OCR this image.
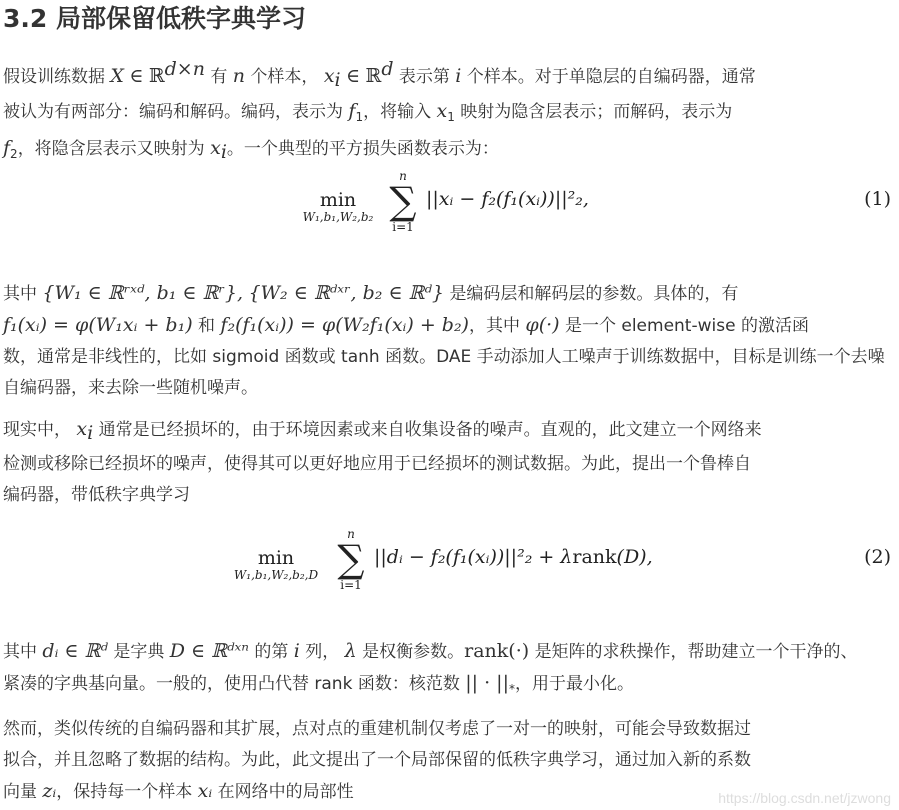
3.2 局部保留低秩字典学习

假设训练数据 X ∈ ℝ$^{d\times n}$ 有 n 个样本， $x_i$ ∈ ℝ$^d$ 表示第 i 个样本。对于单隐层的自编码器，通常
被认为有两部分：编码和解码。编码，表示为 $f_1$，将输入 $x_1$ 映射为隐含层表示；而解码，表示为
$f_2$，将隐含层表示又映射为 $x_i$。一个典型的平方损失函数表示为：

min
W₁,b₁,W₂,b₂
n
∑
i=1
||xᵢ − f₂(f₁(xᵢ))||²₂,	(1)

其中 {W₁ ∈ ℝʳˣᵈ, b₁ ∈ ℝʳ}, {W₂ ∈ ℝᵈˣʳ, b₂ ∈ ℝᵈ} 是编码层和解码层的参数。具体的，有
f₁(xᵢ) = φ(W₁xᵢ + b₁) 和 f₂(f₁(xᵢ)) = φ(W₂f₁(xᵢ) + b₂)，其中 φ(·) 是一个 element-wise 的激活函
数，通常是非线性的，比如 sigmoid 函数或 tanh 函数。DAE 手动添加人工噪声于训练数据中，目标是训练一个去噪
自编码器，来去除一些随机噪声。

现实中， $x_i$ 通常是已经损坏的，由于环境因素或来自收集设备的噪声。直观的，此文建立一个网络来
检测或移除已经损坏的噪声，使得其可以更好地应用于已经损坏的测试数据。为此，提出一个鲁棒自
编码器，带低秩字典学习

min
W₁,b₁,W₂,b₂,D
n
∑
i=1
||dᵢ − f₂(f₁(xᵢ))||²₂ + λrank(D),	(2)

其中 dᵢ ∈ ℝᵈ 是字典 D ∈ ℝᵈˣⁿ 的第 i 列， λ 是权衡参数。rank(·) 是矩阵的求秩操作，帮助建立一个干净的、
紧凑的字典基向量。一般的，使用凸代替 rank 函数：核范数 || · $||_*$，用于最小化。

然而，类似传统的自编码器和其扩展，点对点的重建机制仅考虑了一对一的映射，可能会导致数据过
拟合，并且忽略了数据的结构。为此，此文提出了一个局部保留的低秩字典学习，通过加入新的系数
向量 zᵢ，保持每一个样本 xᵢ 在网络中的局部性	https://blog.csdn.net/jzwong
